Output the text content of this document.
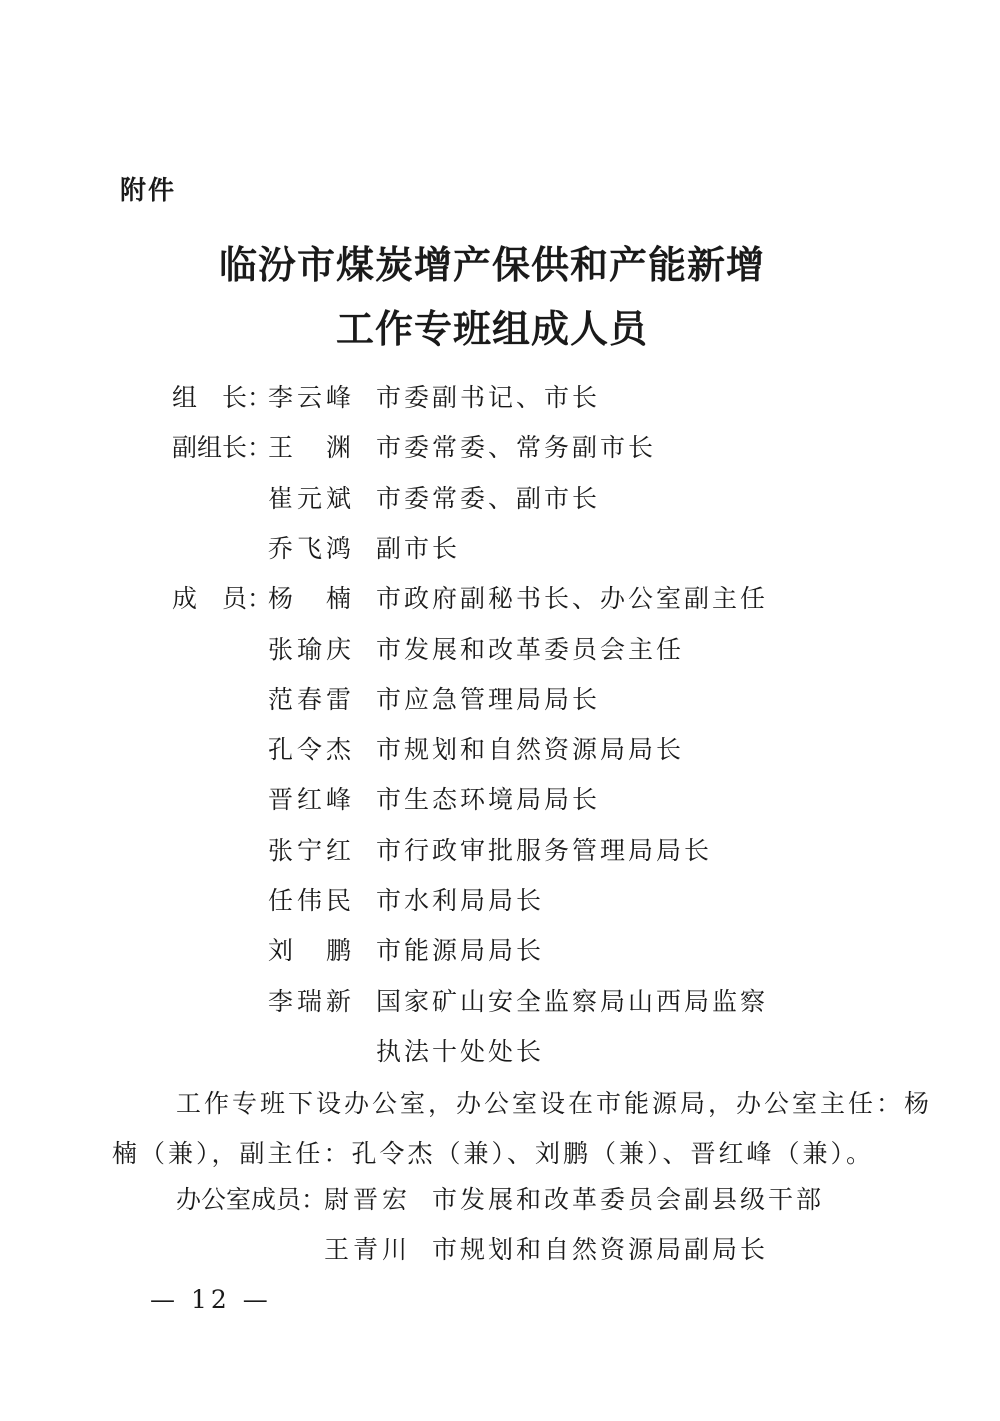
附件
临汾市煤炭增产保供和产能新增
工作专班组成人员
组　长：
李云峰 市委副书记、市长
副组长：
王　渊 市委常委、常务副市长
崔元斌 市委常委、副市长
乔飞鸿 副市长
成　员：
杨　楠 市政府副秘书长、办公室副主任
张瑜庆 市发展和改革委员会主任
范春雷 市应急管理局局长
孔令杰 市规划和自然资源局局长
晋红峰 市生态环境局局长
张宁红 市行政审批服务管理局局长
任伟民 市水利局局长
刘　鹏 市能源局局长
李瑞新 国家矿山安全监察局山西局监察
执法十处处长
工作专班下设办公室，办公室设在市能源局，办公室主任：杨
楠（兼），副主任：孔令杰（兼）、刘鹏（兼）、晋红峰（兼）。
办公室成员：
尉晋宏 市发展和改革委员会副县级干部
王青川 市规划和自然资源局副局长
— 12 —
